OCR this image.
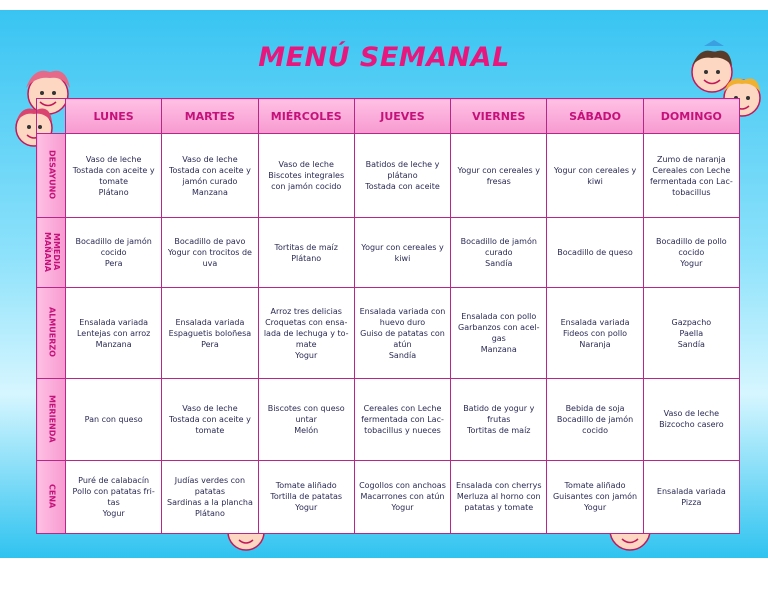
MENÚ SEMANAL
	LUNES	MARTES	MIÉRCOLES	JUEVES	VIERNES	SÁBADO	DOMINGO
DESAYUNO	Vaso de leche
Tostada con aceite y
tomate
Plátano	Vaso de leche
Tostada con aceite y
jamón curado
Manzana	Vaso de leche
Biscotes integrales
con jamón cocido	Batidos de leche y
plátano
Tostada con aceite	Yogur con cereales y
fresas	Yogur con cereales y
kiwi	Zumo de naranja
Cereales con Leche
fermentada con Lac-
tobacillus
MMEDIA
MAÑANA	Bocadillo de jamón
cocido
Pera	Bocadillo de pavo
Yogur con trocitos de
uva	Tortitas de maíz
Plátano	Yogur con cereales y
kiwi	Bocadillo de jamón
curado
Sandía	Bocadillo de queso	Bocadillo de pollo
cocido
Yogur
ALMUERZO	Ensalada variada
Lentejas con arroz
Manzana	Ensalada variada
Espaguetis boloñesa
Pera	Arroz tres delicias
Croquetas con ensa-
lada de lechuga y to-
mate
Yogur	Ensalada variada con
huevo duro
Guiso de patatas con
atún
Sandía	Ensalada con pollo
Garbanzos con acel-
gas
Manzana	Ensalada variada
Fideos con pollo
Naranja	Gazpacho
Paella
Sandía
MERIENDA	Pan con queso	Vaso de leche
Tostada con aceite y
tomate	Biscotes con queso
untar
Melón	Cereales con Leche
fermentada con Lac-
tobacillus y nueces	Batido de yogur y
frutas
Tortitas de maíz	Bebida de soja
Bocadillo de jamón
cocido	Vaso de leche
Bizcocho casero
CENA	Puré de calabacín
Pollo con patatas fri-
tas
Yogur	Judías verdes con
patatas
Sardinas a la plancha
Plátano	Tomate aliñado
Tortilla de patatas
Yogur	Cogollos con anchoas
Macarrones con atún
Yogur	Ensalada con cherrys
Merluza al horno con
patatas y tomate	Tomate aliñado
Guisantes con jamón
Yogur	Ensalada variada
Pizza
